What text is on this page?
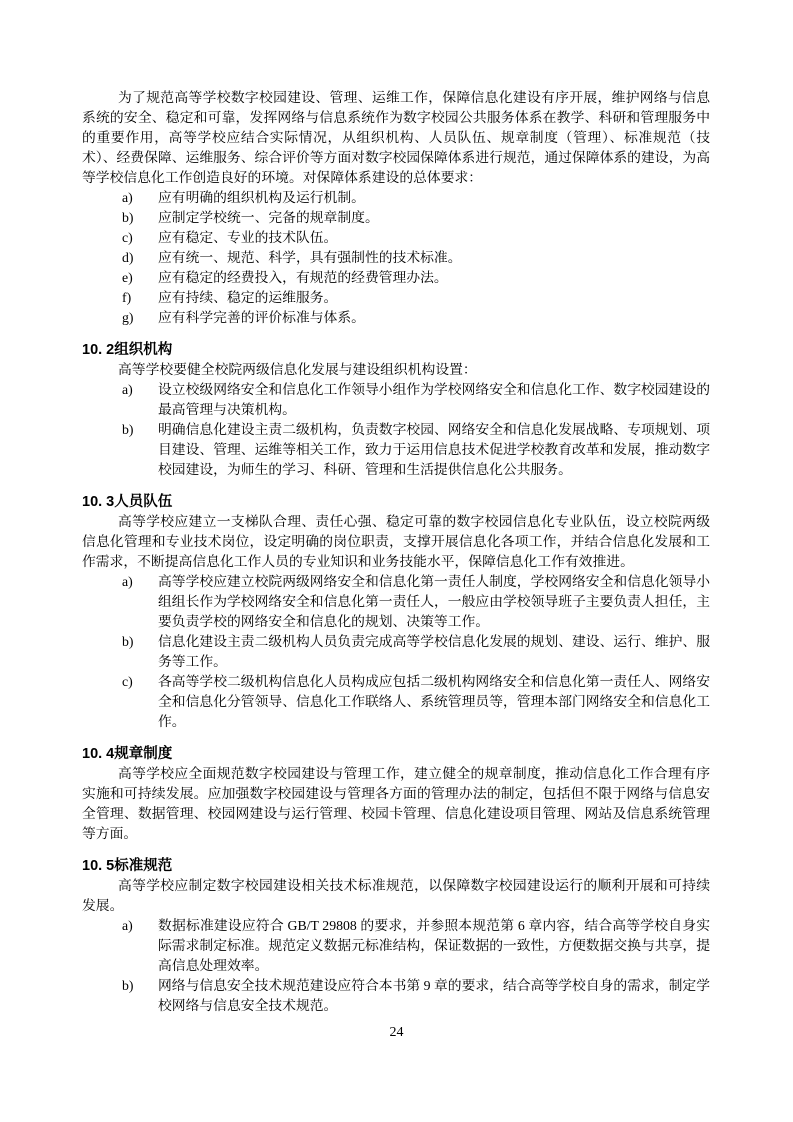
为了规范高等学校数字校园建设、管理、运维工作，保障信息化建设有序开展，维护网络与信息系统的安全、稳定和可靠，发挥网络与信息系统作为数字校园公共服务体系在教学、科研和管理服务中的重要作用，高等学校应结合实际情况，从组织机构、人员队伍、规章制度（管理）、标准规范（技术）、经费保障、运维服务、综合评价等方面对数字校园保障体系进行规范，通过保障体系的建设，为高等学校信息化工作创造良好的环境。对保障体系建设的总体要求：

a) 应有明确的组织机构及运行机制。
b) 应制定学校统一、完备的规章制度。
c) 应有稳定、专业的技术队伍。
d) 应有统一、规范、科学，具有强制性的技术标准。
e) 应有稳定的经费投入，有规范的经费管理办法。
f) 应有持续、稳定的运维服务。
g) 应有科学完善的评价标准与体系。
10. 2组织机构

高等学校要健全校院两级信息化发展与建设组织机构设置：

a) 设立校级网络安全和信息化工作领导小组作为学校网络安全和信息化工作、数字校园建设的最高管理与决策机构。
b) 明确信息化建设主责二级机构，负责数字校园、网络安全和信息化发展战略、专项规划、项目建设、管理、运维等相关工作，致力于运用信息技术促进学校教育改革和发展，推动数字校园建设，为师生的学习、科研、管理和生活提供信息化公共服务。
10. 3人员队伍

高等学校应建立一支梯队合理、责任心强、稳定可靠的数字校园信息化专业队伍，设立校院两级信息化管理和专业技术岗位，设定明确的岗位职责，支撑开展信息化各项工作，并结合信息化发展和工作需求，不断提高信息化工作人员的专业知识和业务技能水平，保障信息化工作有效推进。

a) 高等学校应建立校院两级网络安全和信息化第一责任人制度，学校网络安全和信息化领导小组组长作为学校网络安全和信息化第一责任人，一般应由学校领导班子主要负责人担任，主要负责学校的网络安全和信息化的规划、决策等工作。
b) 信息化建设主责二级机构人员负责完成高等学校信息化发展的规划、建设、运行、维护、服务等工作。
c) 各高等学校二级机构信息化人员构成应包括二级机构网络安全和信息化第一责任人、网络安全和信息化分管领导、信息化工作联络人、系统管理员等，管理本部门网络安全和信息化工作。
10. 4规章制度

高等学校应全面规范数字校园建设与管理工作，建立健全的规章制度，推动信息化工作合理有序实施和可持续发展。应加强数字校园建设与管理各方面的管理办法的制定，包括但不限于网络与信息安全管理、数据管理、校园网建设与运行管理、校园卡管理、信息化建设项目管理、网站及信息系统管理等方面。

10. 5标准规范

高等学校应制定数字校园建设相关技术标准规范，以保障数字校园建设运行的顺利开展和可持续发展。

a) 数据标准建设应符合 GB/T 29808 的要求，并参照本规范第 6 章内容，结合高等学校自身实际需求制定标准。规范定义数据元标准结构，保证数据的一致性，方便数据交换与共享，提高信息处理效率。
b) 网络与信息安全技术规范建设应符合本书第 9 章的要求，结合高等学校自身的需求，制定学校网络与信息安全技术规范。
24
